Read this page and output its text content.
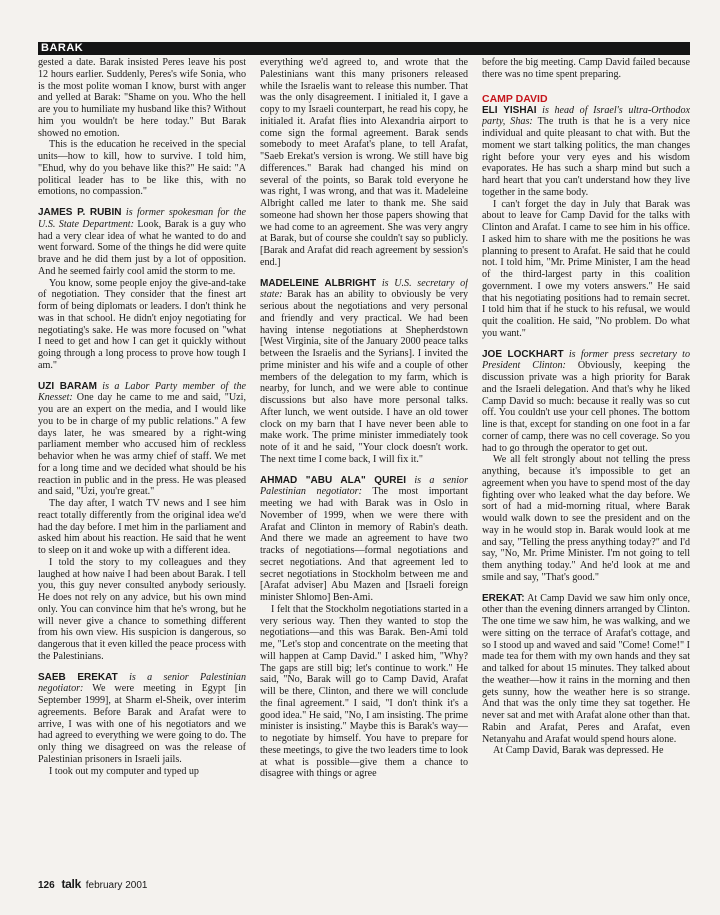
BARAK

gested a date. Barak insisted Peres leave his post 12 hours earlier. Suddenly, Peres's wife Sonia, who is the most polite woman I know, burst with anger and yelled at Barak: "Shame on you. Who the hell are you to humiliate my husband like this? Without him you wouldn't be here today." But Barak showed no emotion.

This is the education he received in the special units—how to kill, how to survive. I told him, "Ehud, why do you behave like this?" He said: "A political leader has to be like this, with no emotions, no compassion."

JAMES P. RUBIN is former spokesman for the U.S. State Department: Look, Barak is a guy who had a very clear idea of what he wanted to do and went forward. Some of the things he did were quite brave and he did them just by a lot of opposition. And he seemed fairly cool amid the storm to me.

You know, some people enjoy the give-and-take of negotiation. They consider that the finest art form of being diplomats or leaders. I don't think he was in that school. He didn't enjoy negotiating for negotiating's sake. He was more focused on "what I need to get and how I can get it quickly without going through a long process to prove how tough I am."

UZI BARAM is a Labor Party member of the Knesset: One day he came to me and said, "Uzi, you are an expert on the media, and I would like you to be in charge of my public relations." A few days later, he was smeared by a right-wing parliament member who accused him of reckless behavior when he was army chief of staff. We met for a long time and we decided what should be his reaction in public and in the press. He was pleased and said, "Uzi, you're great."

The day after, I watch TV news and I see him react totally differently from the original idea we'd had the day before. I met him in the parliament and asked him about his reaction. He said that he went to sleep on it and woke up with a different idea.

I told the story to my colleagues and they laughed at how naive I had been about Barak. I tell you, this guy never consulted anybody seriously. He does not rely on any advice, but his own mind only. You can convince him that he's wrong, but he will never give a chance to something different from his own view. His suspicion is dangerous, so dangerous that it even killed the peace process with the Palestinians.

SAEB EREKAT is a senior Palestinian negotiator: We were meeting in Egypt [in September 1999], at Sharm el-Sheik, over interim agreements. Before Barak and Arafat were to arrive, I was with one of his negotiators and we had agreed to everything we were going to do. The only thing we disagreed on was the release of Palestinian prisoners in Israeli jails.

I took out my computer and typed up

everything we'd agreed to, and wrote that the Palestinians want this many prisoners released while the Israelis want to release this number. That was the only disagreement. I initialed it, I gave a copy to my Israeli counterpart, he read his copy, he initialed it. Arafat flies into Alexandria airport to come sign the formal agreement. Barak sends somebody to meet Arafat's plane, to tell Arafat, "Saeb Erekat's version is wrong. We still have big differences." Barak had changed his mind on several of the points, so Barak told everyone he was right, I was wrong, and that was it. Madeleine Albright called me later to thank me. She said someone had shown her those papers showing that we had come to an agreement. She was very angry at Barak, but of course she couldn't say so publicly. [Barak and Arafat did reach agreement by session's end.]

MADELEINE ALBRIGHT is U.S. secretary of state: Barak has an ability to obviously be very serious about the negotiations and very personal and friendly and very practical. We had been having intense negotiations at Shepherdstown [West Virginia, site of the January 2000 peace talks between the Israelis and the Syrians]. I invited the prime minister and his wife and a couple of other members of the delegation to my farm, which is nearby, for lunch, and we were able to continue discussions but also have more personal talks. After lunch, we went outside. I have an old tower clock on my barn that I have never been able to make work. The prime minister immediately took note of it and he said, "Your clock doesn't work. The next time I come back, I will fix it."

AHMAD "ABU ALA" QUREI is a senior Palestinian negotiator: The most important meeting we had with Barak was in Oslo in November of 1999, when we were there with Arafat and Clinton in memory of Rabin's death. And there we made an agreement to have two tracks of negotiations—formal negotiations and secret negotiations. And that agreement led to secret negotiations in Stockholm between me and [Arafat adviser] Abu Mazen and [Israeli foreign minister Shlomo] Ben-Ami.

I felt that the Stockholm negotiations started in a very serious way. Then they wanted to stop the negotiations—and this was Barak. Ben-Ami told me, "Let's stop and concentrate on the meeting that will happen at Camp David." I asked him, "Why? The gaps are still big; let's continue to work." He said, "No, Barak will go to Camp David, Arafat will be there, Clinton, and there we will conclude the final agreement." I said, "I don't think it's a good idea." He said, "No, I am insisting. The prime minister is insisting." Maybe this is Barak's way—to negotiate by himself. You have to prepare for these meetings, to give the two leaders time to look at what is possible—give them a chance to disagree with things or agree

before the big meeting. Camp David failed because there was no time spent preparing.

CAMP DAVID

ELI YISHAI is head of Israel's ultra-Orthodox party, Shas: The truth is that he is a very nice individual and quite pleasant to chat with. But the moment we start talking politics, the man changes right before your very eyes and his wisdom evaporates. He has such a sharp mind but such a hard heart that you can't understand how they live together in the same body.

I can't forget the day in July that Barak was about to leave for Camp David for the talks with Clinton and Arafat. I came to see him in his office. I asked him to share with me the positions he was planning to present to Arafat. He said that he could not. I told him, "Mr. Prime Minister, I am the head of the third-largest party in this coalition government. I owe my voters answers." He said that his negotiating positions had to remain secret. I told him that if he stuck to his refusal, we would quit the coalition. He said, "No problem. Do what you want."

JOE LOCKHART is former press secretary to President Clinton: Obviously, keeping the discussion private was a high priority for Barak and the Israeli delegation. And that's why he liked Camp David so much: because it really was so cut off. You couldn't use your cell phones. The bottom line is that, except for standing on one foot in a far corner of camp, there was no cell coverage. So you had to go through the operator to get out.

We all felt strongly about not telling the press anything, because it's impossible to get an agreement when you have to spend most of the day fighting over who leaked what the day before. We sort of had a mid-morning ritual, where Barak would walk down to see the president and on the way in he would stop in. Barak would look at me and say, "Telling the press anything today?" and I'd say, "No, Mr. Prime Minister. I'm not going to tell them anything today." And he'd look at me and smile and say, "That's good."

EREKAT: At Camp David we saw him only once, other than the evening dinners arranged by Clinton. The one time we saw him, he was walking, and we were sitting on the terrace of Arafat's cottage, and so I stood up and waved and said "Come! Come!" I made tea for them with my own hands and they sat and talked for about 15 minutes. They talked about the weather—how it rains in the morning and then gets sunny, how the weather here is so strange. And that was the only time they sat together. He never sat and met with Arafat alone other than that. Rabin and Arafat, Peres and Arafat, even Netanyahu and Arafat would spend hours alone.

At Camp David, Barak was depressed. He

126 talk february 2001
